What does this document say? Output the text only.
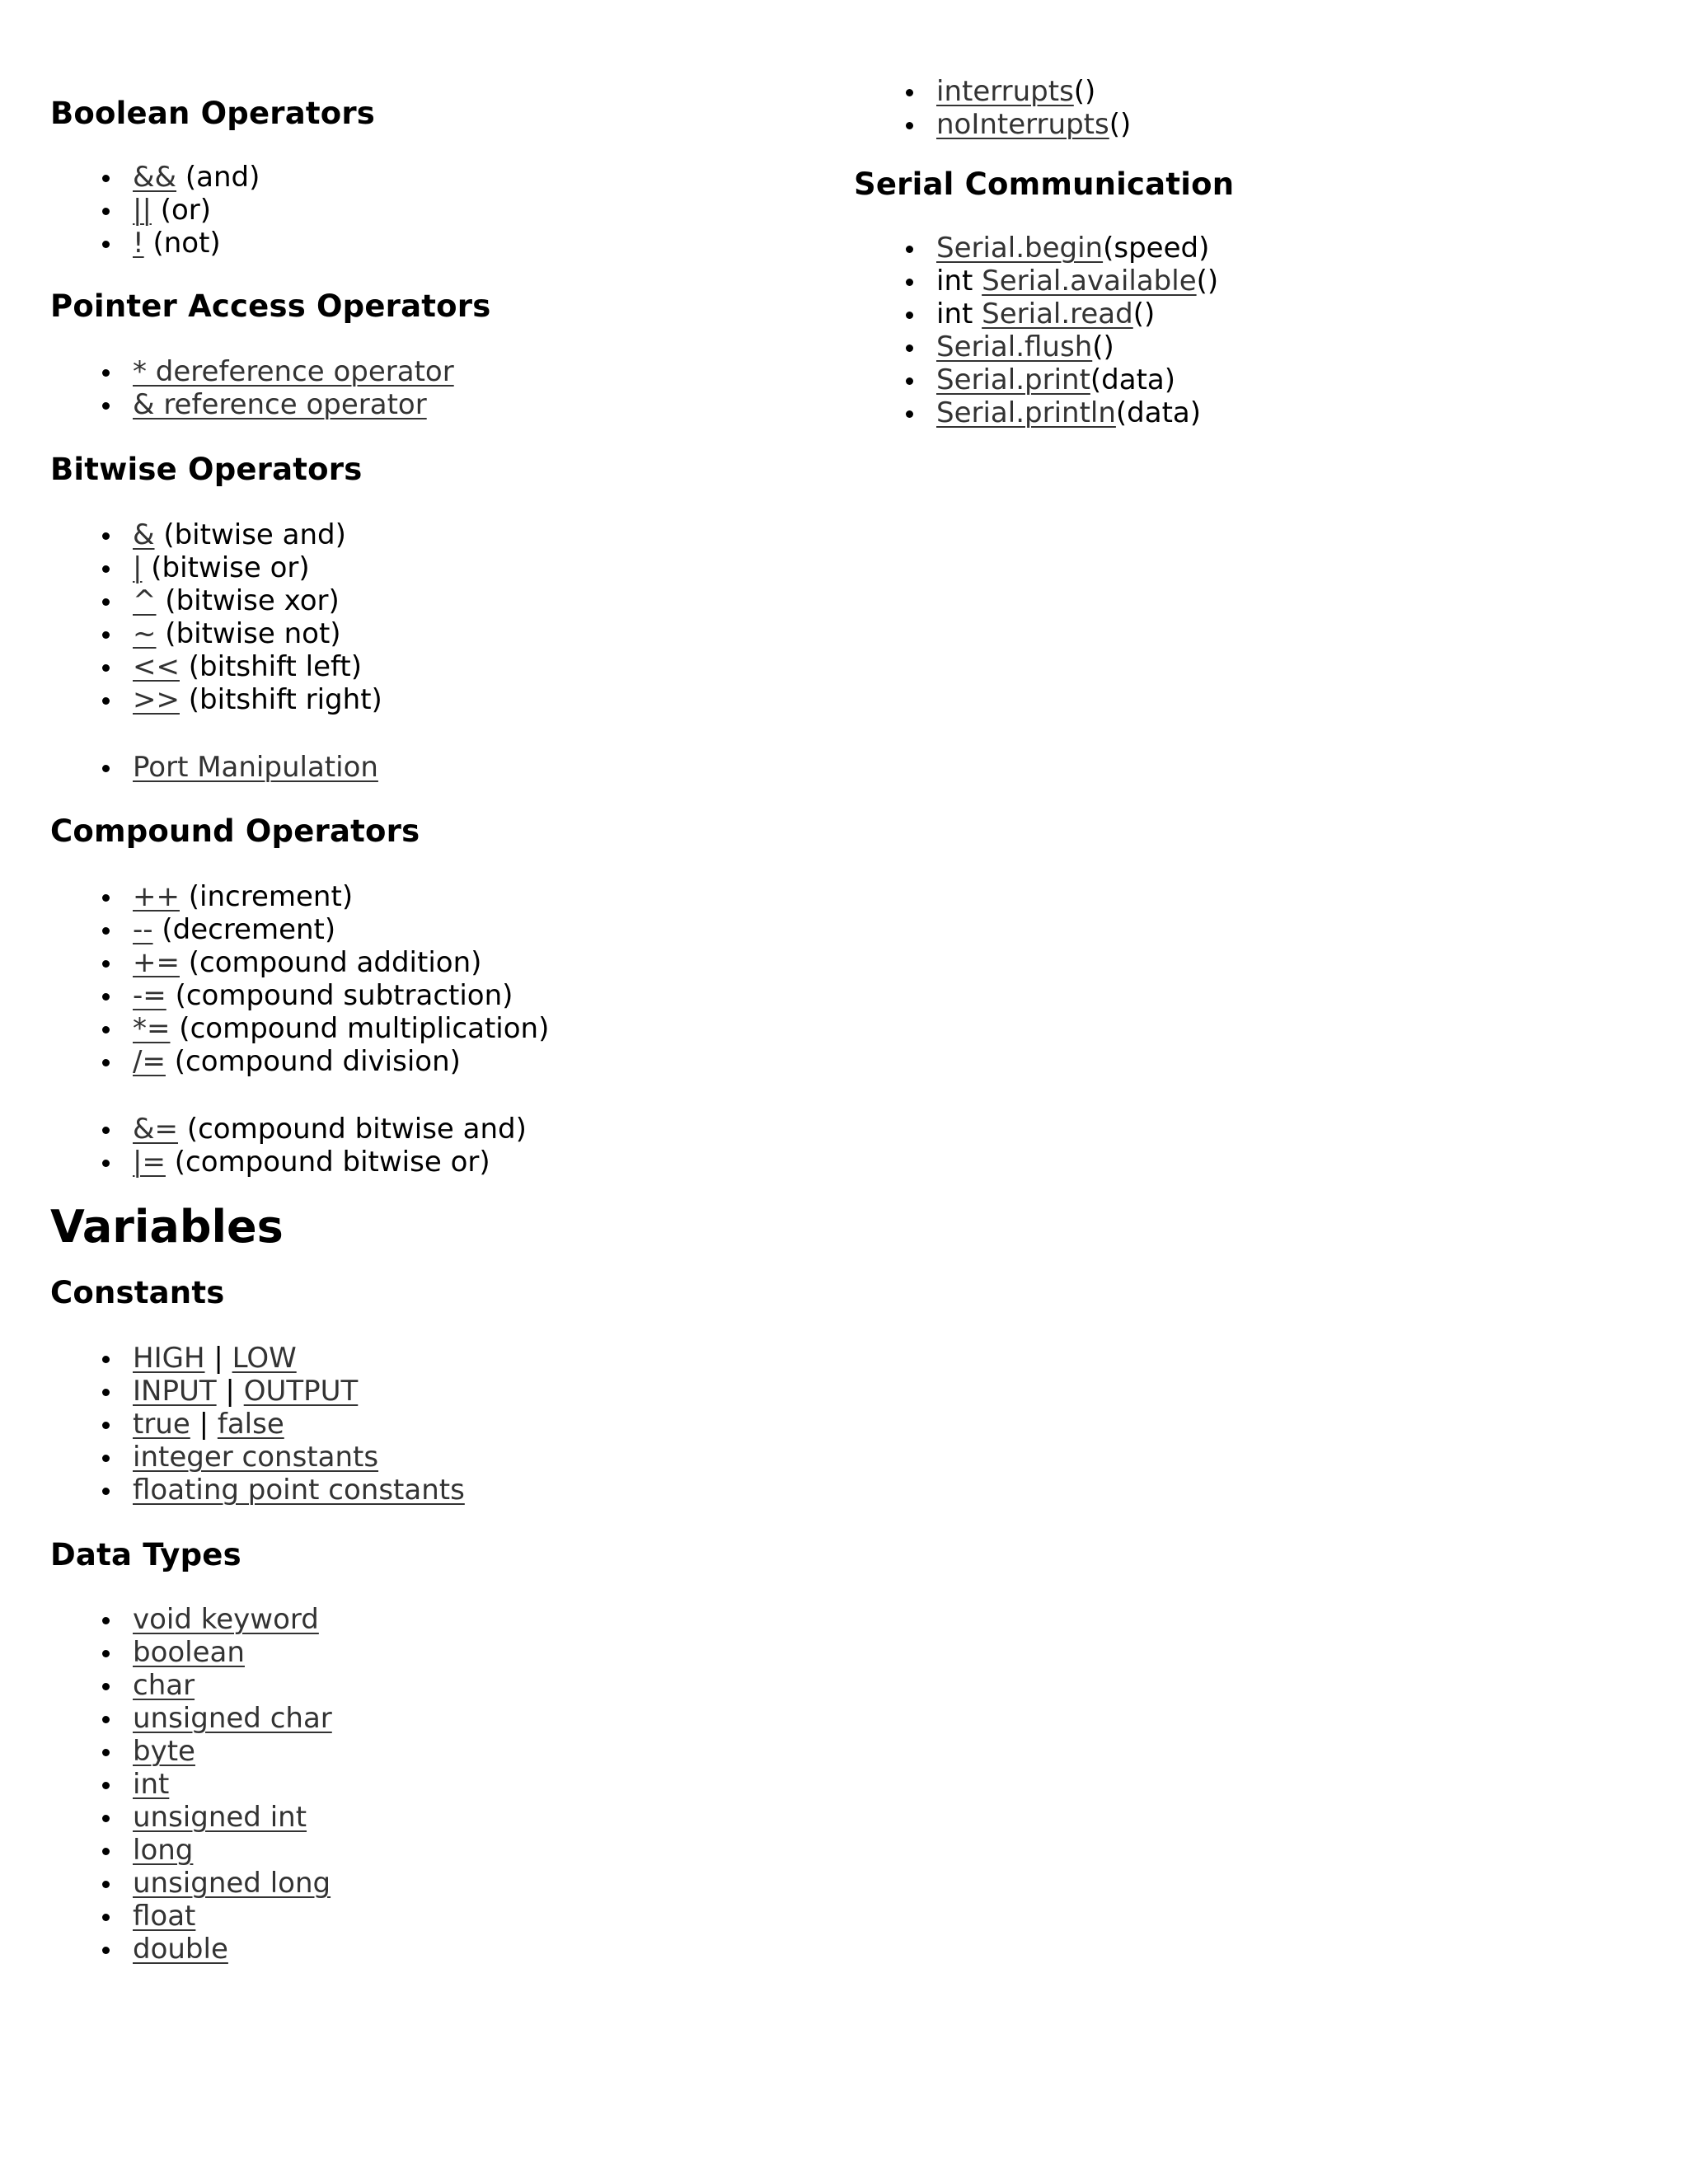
Boolean Operators
&& (and)
|| (or)
! (not)
Pointer Access Operators
* dereference operator
& reference operator
Bitwise Operators
& (bitwise and)
| (bitwise or)
^ (bitwise xor)
~ (bitwise not)
<< (bitshift left)
>> (bitshift right)
Port Manipulation
Compound Operators
++ (increment)
-- (decrement)
+= (compound addition)
-= (compound subtraction)
*= (compound multiplication)
/= (compound division)
&= (compound bitwise and)
|= (compound bitwise or)
Variables
Constants
HIGH | LOW
INPUT | OUTPUT
true | false
integer constants
floating point constants
Data Types
void keyword
boolean
char
unsigned char
byte
int
unsigned int
long
unsigned long
float
double
interrupts()
noInterrupts()
Serial Communication
Serial.begin(speed)
int Serial.available()
int Serial.read()
Serial.flush()
Serial.print(data)
Serial.println(data)
